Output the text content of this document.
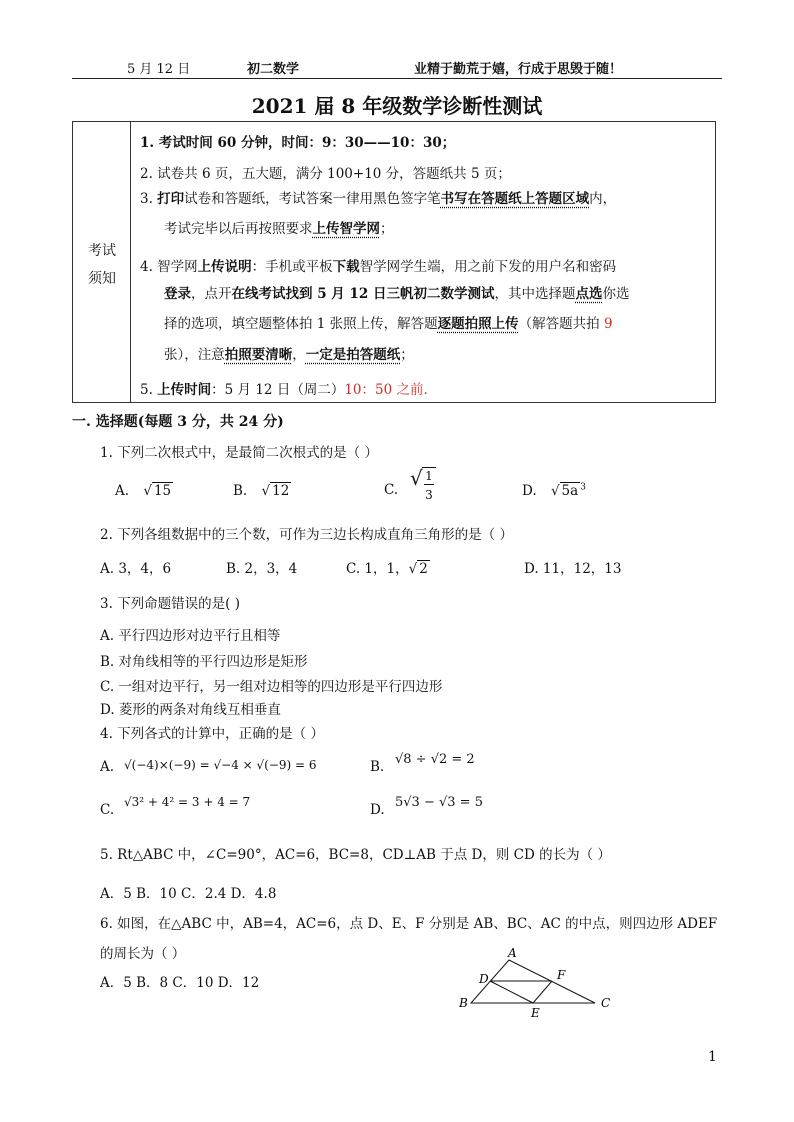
5 月 12 日	初二数学	业精于勤荒于嬉，行成于思毁于随！
2021 届 8 年级数学诊断性测试
考试
须知
1. 考试时间 60 分钟，时间：9：30——10：30；
2. 试卷共 6 页，五大题，满分 100+10 分，答题纸共 5 页；
3. 打印试卷和答题纸，考试答案一律用黑色签字笔书写在答题纸上答题区域内，
考试完毕以后再按照要求上传智学网；
4. 智学网上传说明：手机或平板下载智学网学生端，用之前下发的用户名和密码
登录，点开在线考试找到 5 月 12 日三帆初二数学测试，其中选择题点选你选
择的选项，填空题整体拍 1 张照上传，解答题逐题拍照上传（解答题共拍 9
张），注意拍照要清晰，一定是拍答题纸；
5. 上传时间：5 月 12 日（周二）10：50 之前.
一. 选择题(每题 3 分，共 24 分)
1. 下列二次根式中，是最简二次根式的是（ ）
A. √ 15	B. √ 12	C. √ 1
3	D. √ 5a $^3$
2. 下列各组数据中的三个数，可作为三边长构成直角三角形的是（ ）
A. 3，4，6	B. 2，3，4	C. 1，1，√ 2	D. 11，12，13
3. 下列命题错误的是( )
A. 平行四边形对边平行且相等
B. 对角线相等的平行四边形是矩形
C. 一组对边平行，另一组对边相等的四边形是平行四边形
D. 菱形的两条对角线互相垂直
4. 下列各式的计算中，正确的是（ ）
A. √(−4)×(−9) = √−4 × √(−9) = 6	B. √8 ÷ √2 = 2
C. √3² + 4² = 3 + 4 = 7	D. 5√3 − √3 = 5
5. Rt△ABC 中，∠C=90°，AC=6，BC=8，CD⊥AB 于点 D，则 CD 的长为（ ）
A．5 B．10 C．2.4 D．4.8
6. 如图，在△ABC 中，AB=4，AC=6，点 D、E、F 分别是 AB、BC、AC 的中点，则四边形 ADEF
的周长为（ ）
A．5 B．8 C．10 D．12
A
B	C
D
E
F
1
